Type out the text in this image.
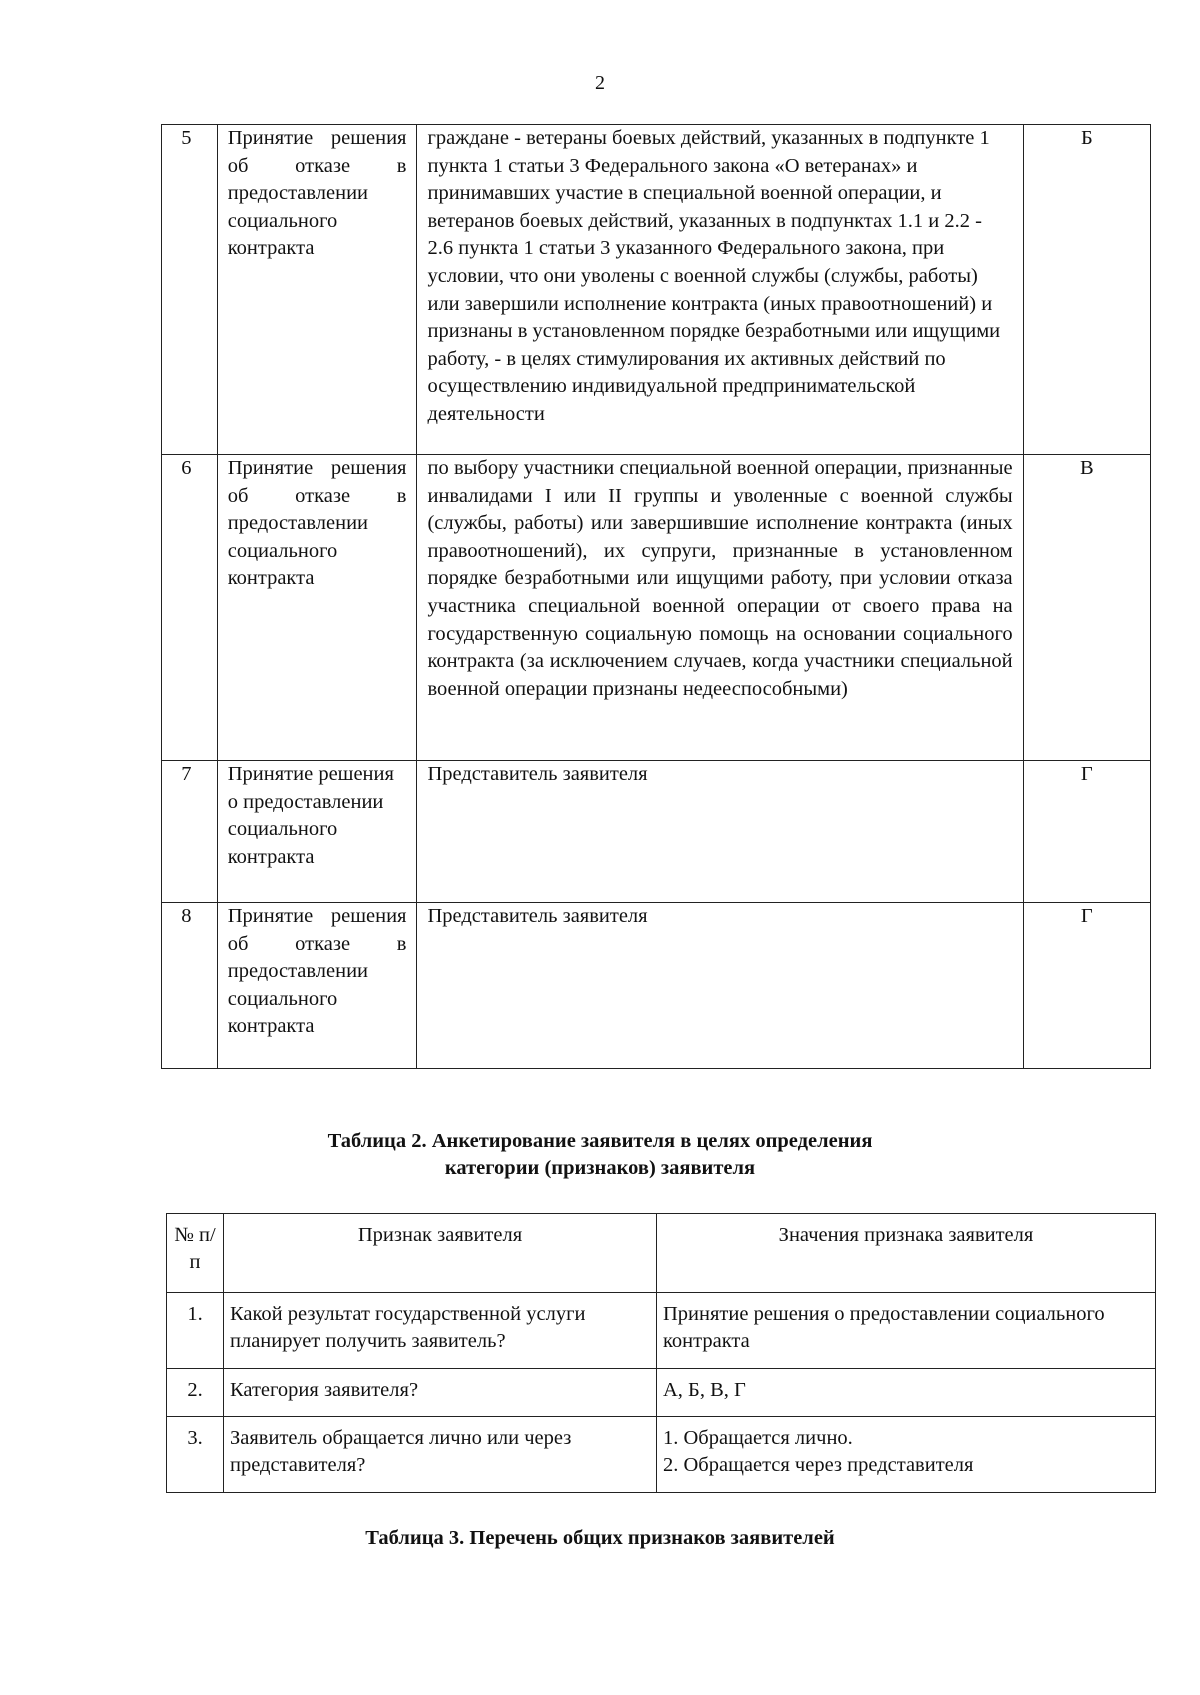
2
5	Принятие решения об отказе в предоставлении социального контракта	граждане - ветераны боевых действий, указанных в подпункте 1 пункта 1 статьи 3 Федерального закона «О ветеранах» и принимавших участие в специальной военной операции, и ветеранов боевых действий, указанных в подпунктах 1.1 и 2.2 - 2.6 пункта 1 статьи 3 указанного Федерального закона, при условии, что они уволены с военной службы (службы, работы) или завершили исполнение контракта (иных правоотношений) и признаны в установленном порядке безработными или ищущими работу, - в целях стимулирования их активных действий по осуществлению индивидуальной предпринимательской деятельности	Б
6	Принятие решения об отказе в предоставлении социального контракта	по выбору участники специальной военной операции, признанные инвалидами I или II группы и уволенные с военной службы (службы, работы) или завершившие исполнение контракта (иных правоотношений), их супруги, признанные в установленном порядке безработными или ищущими работу, при условии отказа участника специальной военной операции от своего права на государственную социальную помощь на основании социального контракта (за исключением случаев, когда участники специальной военной операции признаны недееспособными)	В
7	Принятие решения о предоставлении социального контракта	Представитель заявителя	Г
8	Принятие решения об отказе в предоставлении социального контракта	Представитель заявителя	Г
Таблица 2. Анкетирование заявителя в целях определения
категории (признаков) заявителя
№ п/п	Признак заявителя	Значения признака заявителя
1.	Какой результат государственной услуги планирует получить заявитель?	Принятие решения о предоставлении социального контракта

2.	Категория заявителя?	А, Б, В, Г

3.	Заявитель обращается лично или через представителя?	1. Обращается лично.
2. Обращается через представителя
Таблица 3. Перечень общих признаков заявителей
